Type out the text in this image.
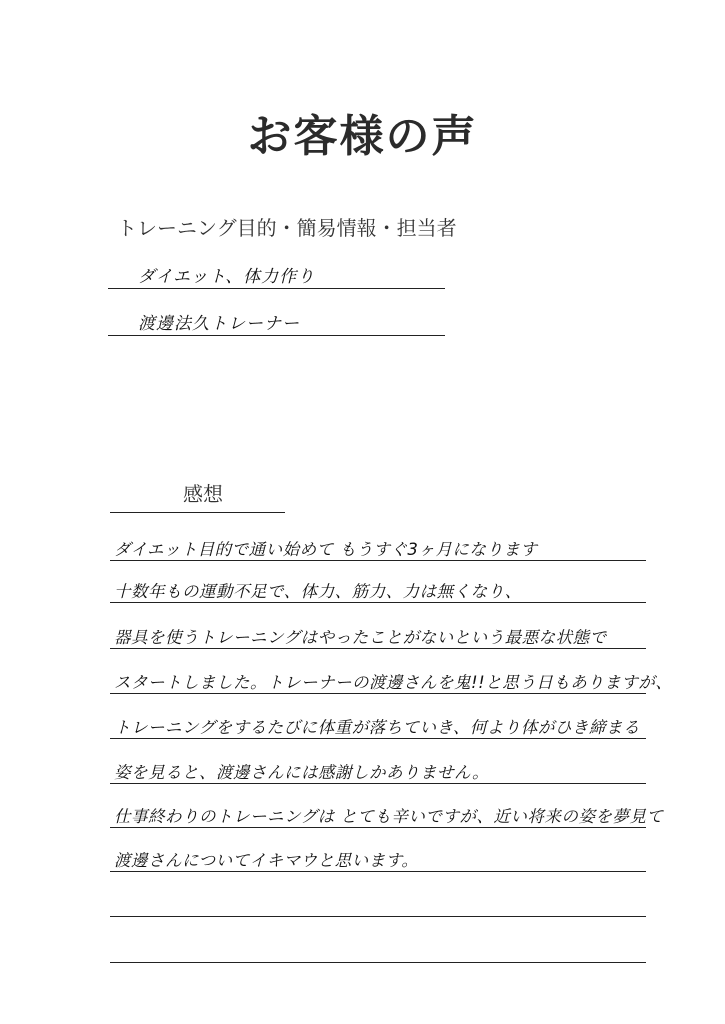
お客様の声
トレーニング目的・簡易情報・担当者
ダイエット、体力作り
渡邊法久トレーナー
感想
ダイエット目的で通い始めて もうすぐ3ヶ月になります
十数年もの運動不足で、体力、筋力、力は無くなり、
器具を使うトレーニングはやったことがないという最悪な状態で
スタートしました。トレーナーの渡邊さんを鬼!!と思う日もありますが、
トレーニングをするたびに体重が落ちていき、何より体がひき締まる
姿を見ると、渡邊さんには感謝しかありません。
仕事終わりのトレーニングは とても辛いですが、近い将来の姿を夢見て
渡邊さんについてイキマウと思います。
